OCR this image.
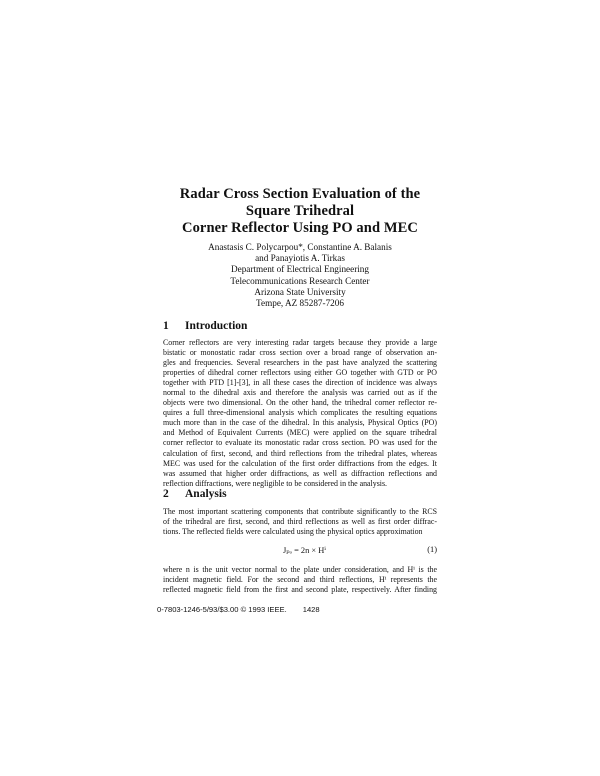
Radar Cross Section Evaluation of the
Square Trihedral
Corner Reflector Using PO and MEC
Anastasis C. Polycarpou*, Constantine A. Balanis
and Panayiotis A. Tirkas
Department of Electrical Engineering
Telecommunications Research Center
Arizona State University
Tempe, AZ 85287-7206
1 Introduction
Corner reflectors are very interesting radar targets because they provide a large
bistatic or monostatic radar cross section over a broad range of observation an-
gles and frequencies. Several researchers in the past have analyzed the scattering
properties of dihedral corner reflectors using either GO together with GTD or PO
together with PTD [1]-[3], in all these cases the direction of incidence was always
normal to the dihedral axis and therefore the analysis was carried out as if the
objects were two dimensional. On the other hand, the trihedral corner reflector re-
quires a full three-dimensional analysis which complicates the resulting equations
much more than in the case of the dihedral. In this analysis, Physical Optics (PO)
and Method of Equivalent Currents (MEC) were applied on the square trihedral
corner reflector to evaluate its monostatic radar cross section. PO was used for the
calculation of first, second, and third reflections from the trihedral plates, whereas
MEC was used for the calculation of the first order diffractions from the edges. It
was assumed that higher order diffractions, as well as diffraction reflections and
reflection diffractions, were negligible to be considered in the analysis.
2 Analysis
The most important scattering components that contribute significantly to the RCS
of the trihedral are first, second, and third reflections as well as first order diffrac-
tions. The reflected fields were calculated using the physical optics approximation
Jₚₒ = 2n × Hⁱ	(1)
where n is the unit vector normal to the plate under consideration, and Hⁱ is the
incident magnetic field. For the second and third reflections, Hⁱ represents the
reflected magnetic field from the first and second plate, respectively. After finding
0-7803-1246-5/93/$3.00 © 1993 IEEE. 1428
